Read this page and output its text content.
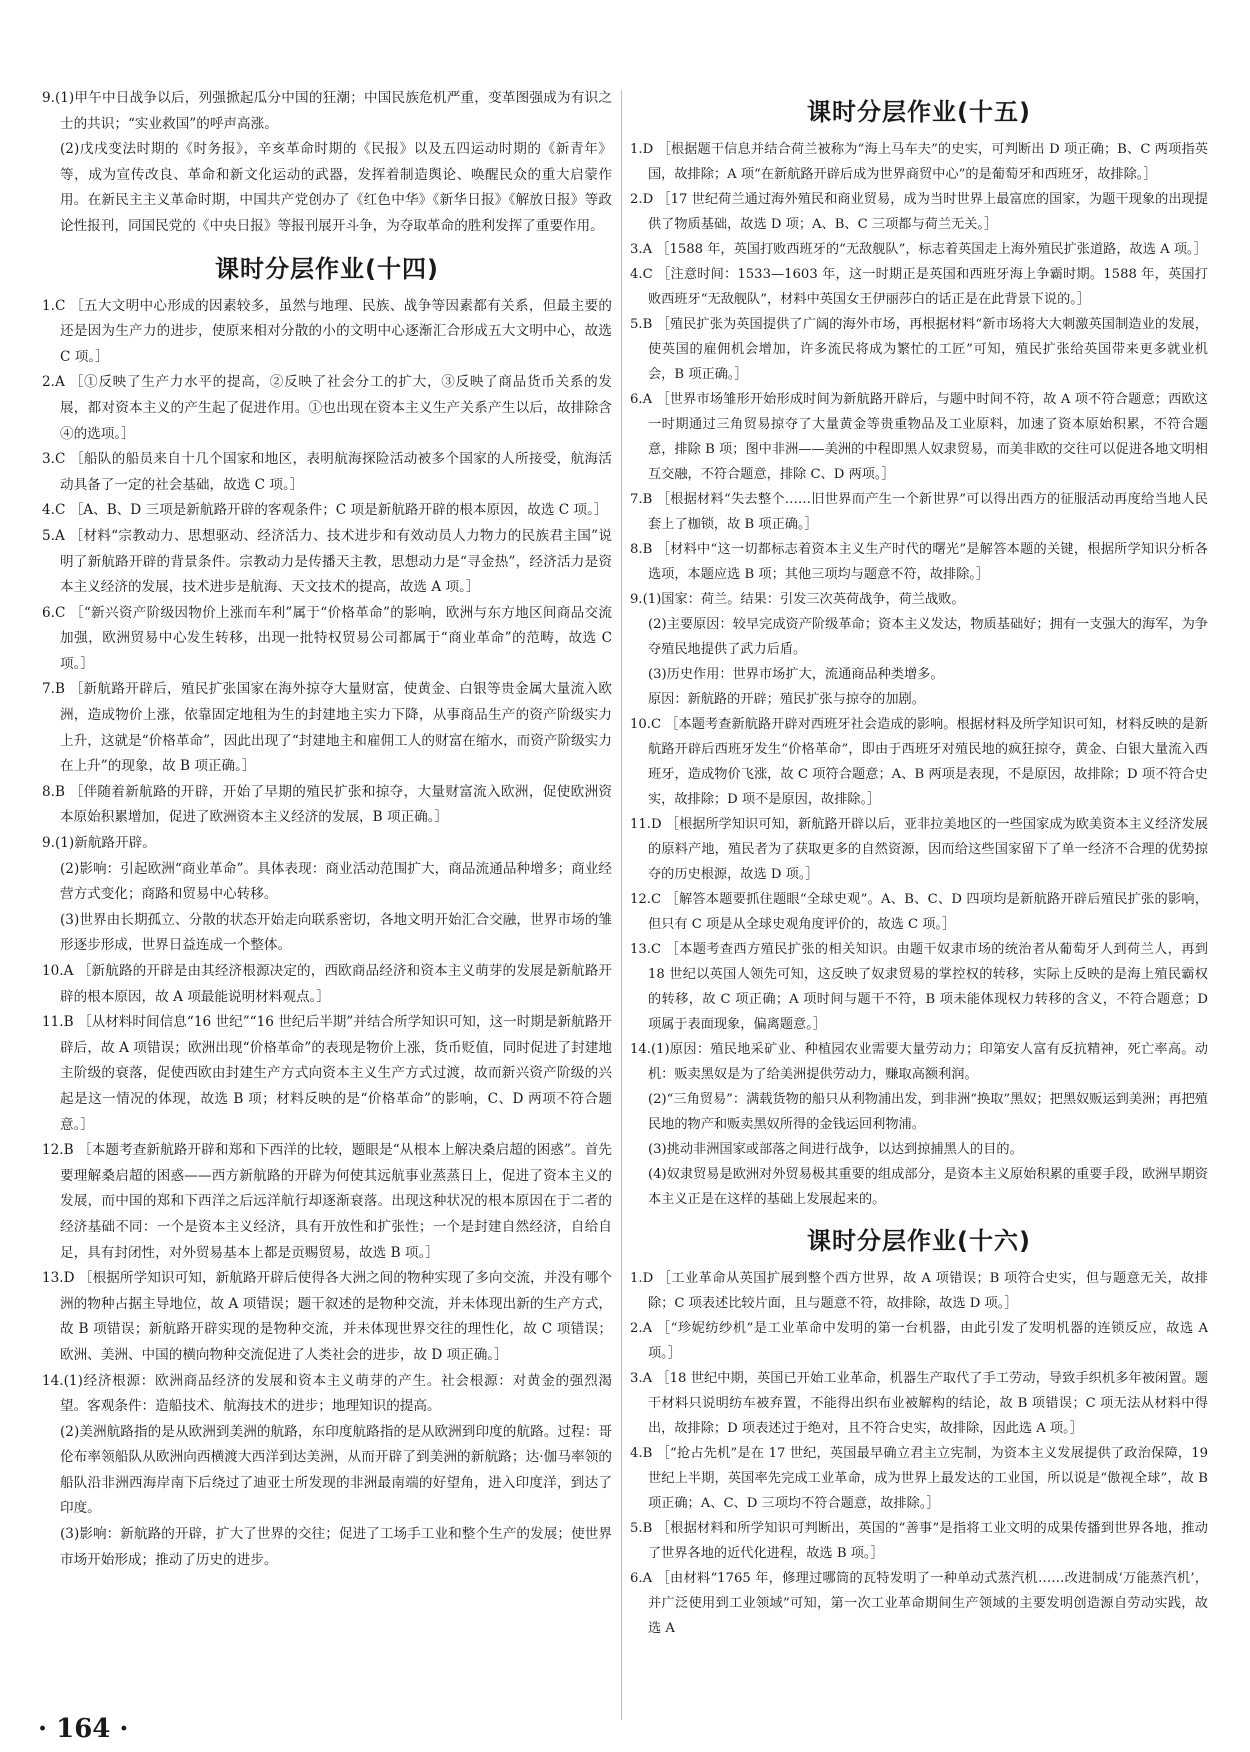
9.(1)甲午中日战争以后，列强掀起瓜分中国的狂潮；中国民族危机严重，变革图强成为有识之士的共识；“实业救国”的呼声高涨。

(2)戊戌变法时期的《时务报》，辛亥革命时期的《民报》以及五四运动时期的《新青年》等，成为宣传改良、革命和新文化运动的武器，发挥着制造舆论、唤醒民众的重大启蒙作用。在新民主主义革命时期，中国共产党创办了《红色中华》《新华日报》《解放日报》等政论性报刊，同国民党的《中央日报》等报刊展开斗争，为夺取革命的胜利发挥了重要作用。

课时分层作业(十四)

1.C ［五大文明中心形成的因素较多，虽然与地理、民族、战争等因素都有关系，但最主要的还是因为生产力的进步，使原来相对分散的小的文明中心逐渐汇合形成五大文明中心，故选 C 项。］

2.A ［①反映了生产力水平的提高，②反映了社会分工的扩大，③反映了商品货币关系的发展，都对资本主义的产生起了促进作用。①也出现在资本主义生产关系产生以后，故排除含④的选项。］

3.C ［船队的船员来自十几个国家和地区，表明航海探险活动被多个国家的人所接受，航海活动具备了一定的社会基础，故选 C 项。］

4.C ［A、B、D 三项是新航路开辟的客观条件；C 项是新航路开辟的根本原因，故选 C 项。］

5.A ［材料“宗教动力、思想驱动、经济活力、技术进步和有效动员人力物力的民族君主国”说明了新航路开辟的背景条件。宗教动力是传播天主教，思想动力是“寻金热”，经济活力是资本主义经济的发展，技术进步是航海、天文技术的提高，故选 A 项。］

6.C ［“新兴资产阶级因物价上涨而车利”属于“价格革命”的影响，欧洲与东方地区间商品交流加强，欧洲贸易中心发生转移，出现一批特权贸易公司都属于“商业革命”的范畴，故选 C 项。］

7.B ［新航路开辟后，殖民扩张国家在海外掠夺大量财富，使黄金、白银等贵金属大量流入欧洲，造成物价上涨，依靠固定地租为生的封建地主实力下降，从事商品生产的资产阶级实力上升，这就是“价格革命”，因此出现了“封建地主和雇佣工人的财富在缩水，而资产阶级实力在上升”的现象，故 B 项正确。］

8.B ［伴随着新航路的开辟，开始了早期的殖民扩张和掠夺，大量财富流入欧洲，促使欧洲资本原始积累增加，促进了欧洲资本主义经济的发展，B 项正确。］

9.(1)新航路开辟。

(2)影响：引起欧洲“商业革命”。具体表现：商业活动范围扩大，商品流通品种增多；商业经营方式变化；商路和贸易中心转移。

(3)世界由长期孤立、分散的状态开始走向联系密切，各地文明开始汇合交融，世界市场的雏形逐步形成，世界日益连成一个整体。

10.A ［新航路的开辟是由其经济根源决定的，西欧商品经济和资本主义萌芽的发展是新航路开辟的根本原因，故 A 项最能说明材料观点。］

11.B ［从材料时间信息“16 世纪”“16 世纪后半期”并结合所学知识可知，这一时期是新航路开辟后，故 A 项错误；欧洲出现“价格革命”的表现是物价上涨，货币贬值，同时促进了封建地主阶级的衰落，促使西欧由封建生产方式向资本主义生产方式过渡，故而新兴资产阶级的兴起是这一情况的体现，故选 B 项；材料反映的是“价格革命”的影响，C、D 两项不符合题意。］

12.B ［本题考查新航路开辟和郑和下西洋的比较，题眼是“从根本上解决桑启超的困惑”。首先要理解桑启超的困惑——西方新航路的开辟为何使其远航事业蒸蒸日上，促进了资本主义的发展，而中国的郑和下西洋之后远洋航行却逐渐衰落。出现这种状况的根本原因在于二者的经济基础不同：一个是资本主义经济，具有开放性和扩张性；一个是封建自然经济，自给自足，具有封闭性，对外贸易基本上都是贡赐贸易，故选 B 项。］

13.D ［根据所学知识可知，新航路开辟后使得各大洲之间的物种实现了多向交流，并没有哪个洲的物种占据主导地位，故 A 项错误；题干叙述的是物种交流，并未体现出新的生产方式，故 B 项错误；新航路开辟实现的是物种交流，并未体现世界交往的理性化，故 C 项错误；欧洲、美洲、中国的横向物种交流促进了人类社会的进步，故 D 项正确。］

14.(1)经济根源：欧洲商品经济的发展和资本主义萌芽的产生。社会根源：对黄金的强烈渴望。客观条件：造船技术、航海技术的进步；地理知识的提高。

(2)美洲航路指的是从欧洲到美洲的航路，东印度航路指的是从欧洲到印度的航路。过程：哥伦布率领船队从欧洲向西横渡大西洋到达美洲，从而开辟了到美洲的新航路；达·伽马率领的船队沿非洲西海岸南下后绕过了迪亚士所发现的非洲最南端的好望角，进入印度洋，到达了印度。

(3)影响：新航路的开辟，扩大了世界的交往；促进了工场手工业和整个生产的发展；使世界市场开始形成；推动了历史的进步。

课时分层作业(十五)

1.D ［根据题干信息并结合荷兰被称为“海上马车夫”的史实，可判断出 D 项正确；B、C 两项指英国，故排除；A 项“在新航路开辟后成为世界商贸中心”的是葡萄牙和西班牙，故排除。］

2.D ［17 世纪荷兰通过海外殖民和商业贸易，成为当时世界上最富庶的国家，为题干现象的出现提供了物质基础，故选 D 项；A、B、C 三项都与荷兰无关。］

3.A ［1588 年，英国打败西班牙的“无敌舰队”，标志着英国走上海外殖民扩张道路，故选 A 项。］

4.C ［注意时间：1533—1603 年，这一时期正是英国和西班牙海上争霸时期。1588 年，英国打败西班牙“无敌舰队”，材料中英国女王伊丽莎白的话正是在此背景下说的。］

5.B ［殖民扩张为英国提供了广阔的海外市场，再根据材料“新市场将大大刺激英国制造业的发展，使英国的雇佣机会增加，许多流民将成为繁忙的工匠”可知，殖民扩张给英国带来更多就业机会，B 项正确。］

6.A ［世界市场雏形开始形成时间为新航路开辟后，与题中时间不符，故 A 项不符合题意；西欧这一时期通过三角贸易掠夺了大量黄金等贵重物品及工业原料，加速了资本原始积累，不符合题意，排除 B 项；图中非洲——美洲的中程即黑人奴隶贸易，而美非欧的交往可以促进各地文明相互交融，不符合题意，排除 C、D 两项。］

7.B ［根据材料“失去整个……旧世界而产生一个新世界”可以得出西方的征服活动再度给当地人民套上了枷锁，故 B 项正确。］

8.B ［材料中“这一切都标志着资本主义生产时代的曙光”是解答本题的关键，根据所学知识分析各选项，本题应选 B 项；其他三项均与题意不符，故排除。］

9.(1)国家：荷兰。结果：引发三次英荷战争，荷兰战败。

(2)主要原因：较早完成资产阶级革命；资本主义发达，物质基础好；拥有一支强大的海军，为争夺殖民地提供了武力后盾。

(3)历史作用：世界市场扩大，流通商品种类增多。

原因：新航路的开辟；殖民扩张与掠夺的加剧。

10.C ［本题考查新航路开辟对西班牙社会造成的影响。根据材料及所学知识可知，材料反映的是新航路开辟后西班牙发生“价格革命”，即由于西班牙对殖民地的疯狂掠夺，黄金、白银大量流入西班牙，造成物价飞涨，故 C 项符合题意；A、B 两项是表现，不是原因，故排除；D 项不符合史实，故排除；D 项不是原因，故排除。］

11.D ［根据所学知识可知，新航路开辟以后，亚非拉美地区的一些国家成为欧美资本主义经济发展的原料产地，殖民者为了获取更多的自然资源，因而给这些国家留下了单一经济不合理的优势掠夺的历史根源，故选 D 项。］

12.C ［解答本题要抓住题眼“全球史观”。A、B、C、D 四项均是新航路开辟后殖民扩张的影响，但只有 C 项是从全球史观角度评价的，故选 C 项。］

13.C ［本题考查西方殖民扩张的相关知识。由题干奴隶市场的统治者从葡萄牙人到荷兰人，再到 18 世纪以英国人领先可知，这反映了奴隶贸易的掌控权的转移，实际上反映的是海上殖民霸权的转移，故 C 项正确；A 项时间与题干不符，B 项未能体现权力转移的含义，不符合题意；D 项属于表面现象，偏离题意。］

14.(1)原因：殖民地采矿业、种植园农业需要大量劳动力；印第安人富有反抗精神，死亡率高。动机：贩卖黑奴是为了给美洲提供劳动力，赚取高额利润。

(2)“三角贸易”：满载货物的船只从利物浦出发，到非洲“换取”黑奴；把黑奴贩运到美洲；再把殖民地的物产和贩卖黑奴所得的金钱运回利物浦。

(3)挑动非洲国家或部落之间进行战争，以达到掠捕黑人的目的。

(4)奴隶贸易是欧洲对外贸易极其重要的组成部分，是资本主义原始积累的重要手段，欧洲早期资本主义正是在这样的基础上发展起来的。

课时分层作业(十六)

1.D ［工业革命从英国扩展到整个西方世界，故 A 项错误；B 项符合史实，但与题意无关，故排除；C 项表述比较片面，且与题意不符，故排除，故选 D 项。］

2.A ［“珍妮纺纱机”是工业革命中发明的第一台机器，由此引发了发明机器的连锁反应，故选 A 项。］

3.A ［18 世纪中期，英国已开始工业革命，机器生产取代了手工劳动，导致手织机多年被闲置。题干材料只说明纺车被弃置，不能得出织布业被解构的结论，故 B 项错误；C 项无法从材料中得出，故排除；D 项表述过于绝对，且不符合史实，故排除，因此选 A 项。］

4.B ［“抢占先机”是在 17 世纪，英国最早确立君主立宪制，为资本主义发展提供了政治保障，19 世纪上半期，英国率先完成工业革命，成为世界上最发达的工业国，所以说是“傲视全球”，故 B 项正确；A、C、D 三项均不符合题意，故排除。］

5.B ［根据材料和所学知识可判断出，英国的“善事”是指将工业文明的成果传播到世界各地，推动了世界各地的近代化进程，故选 B 项。］

6.A ［由材料“1765 年，修理过哪筒的瓦特发明了一种单动式蒸汽机……改进制成‘万能蒸汽机’，并广泛使用到工业领域”可知，第一次工业革命期间生产领域的主要发明创造源自劳动实践，故选 A

· 164 ·
